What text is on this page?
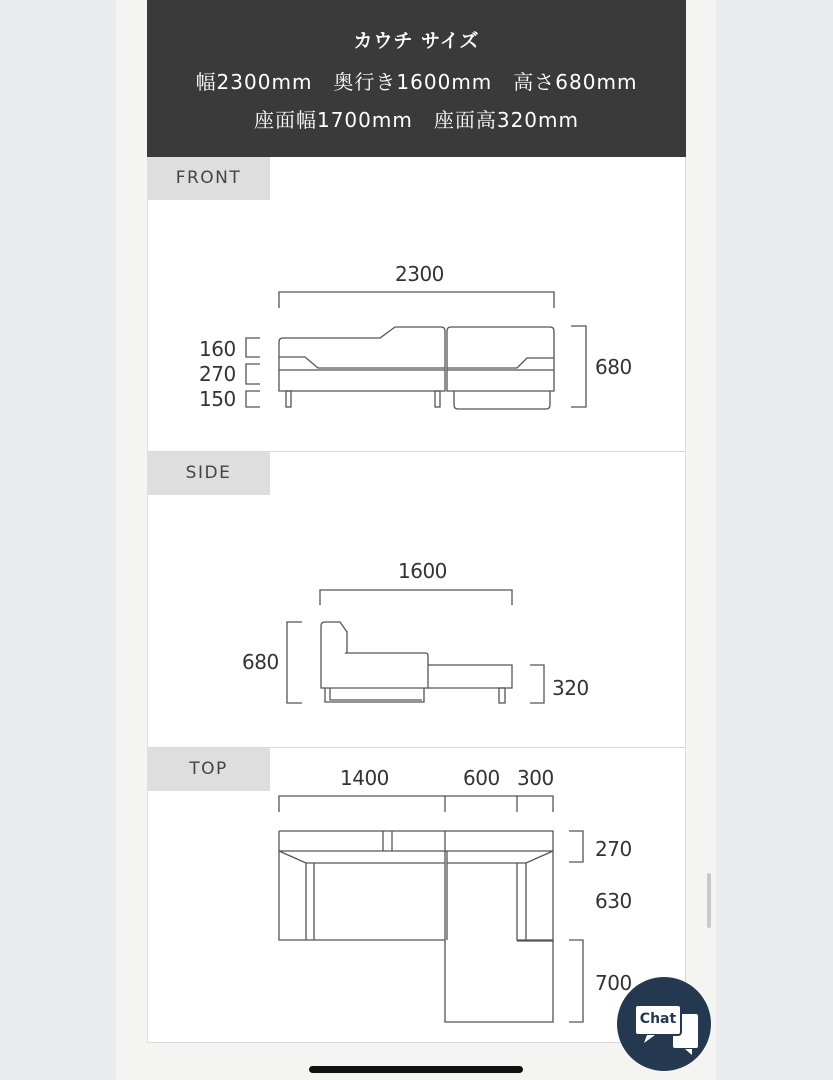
カウチ サイズ
幅2300mm　奥行き1600mm　高さ680mm
座面幅1700mm　座面高320mm
FRONT
SIDE
TOP
2300
160
270
150
680
1600
680
320
1400	600 300
270
630
700
Chat
